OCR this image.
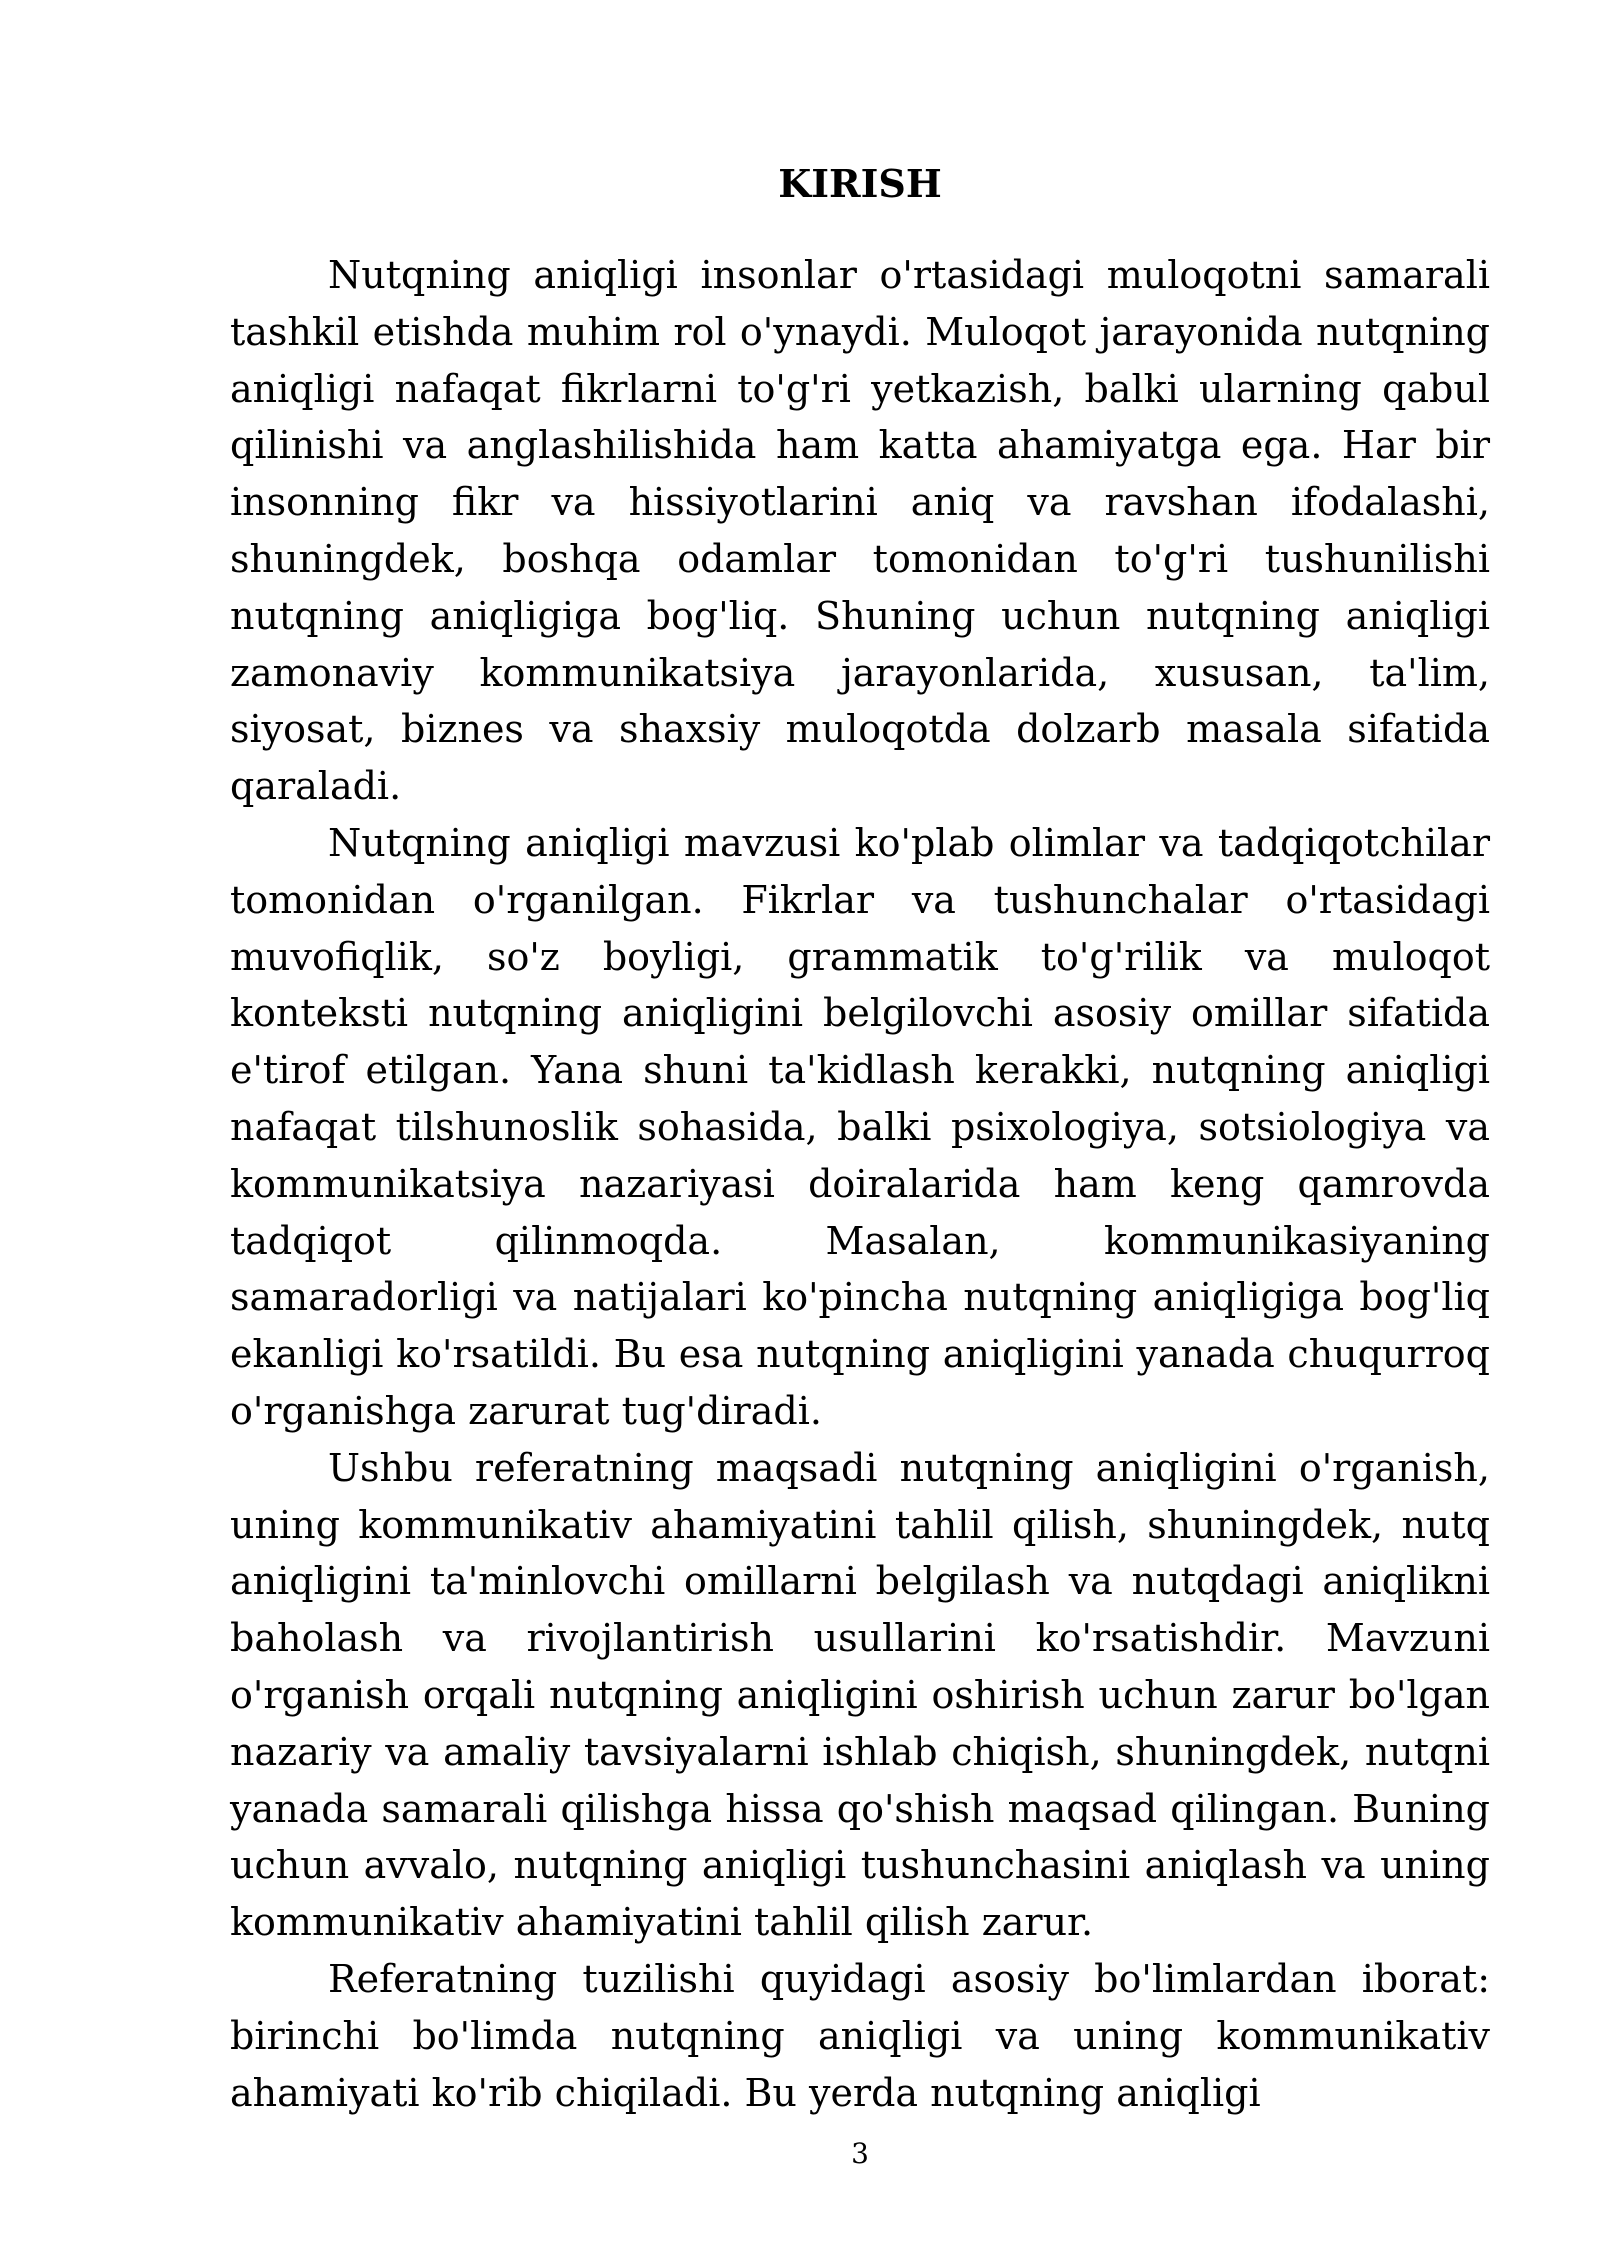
KIRISH

Nutqning aniqligi insonlar o'rtasidagi muloqotni samarali tashkil etishda muhim rol o'ynaydi. Muloqot jarayonida nutqning aniqligi nafaqat fikrlarni to'g'ri yetkazish, balki ularning qabul qilinishi va anglashilishida ham katta ahamiyatga ega. Har bir insonning fikr va hissiyotlarini aniq va ravshan ifodalashi, shuningdek, boshqa odamlar tomonidan to'g'ri tushunilishi nutqning aniqligiga bog'liq. Shuning uchun nutqning aniqligi zamonaviy kommunikatsiya jarayonlarida, xususan, ta'lim, siyosat, biznes va shaxsiy muloqotda dolzarb masala sifatida qaraladi.

Nutqning aniqligi mavzusi ko'plab olimlar va tadqiqotchilar tomonidan o'rganilgan. Fikrlar va tushunchalar o'rtasidagi muvofiqlik, so'z boyligi, grammatik to'g'rilik va muloqot konteksti nutqning aniqligini belgilovchi asosiy omillar sifatida e'tirof etilgan. Yana shuni ta'kidlash kerakki, nutqning aniqligi nafaqat tilshunoslik sohasida, balki psixologiya, sotsiologiya va kommunikatsiya nazariyasi doiralarida ham keng qamrovda tadqiqot qilinmoqda. Masalan, kommunikasiyaning samaradorligi va natijalari ko'pincha nutqning aniqligiga bog'liq ekanligi ko'rsatildi. Bu esa nutqning aniqligini yanada chuqurroq o'rganishga zarurat tug'diradi.

Ushbu referatning maqsadi nutqning aniqligini o'rganish, uning kommunikativ ahamiyatini tahlil qilish, shuningdek, nutq aniqligini ta'minlovchi omillarni belgilash va nutqdagi aniqlikni baholash va rivojlantirish usullarini ko'rsatishdir. Mavzuni o'rganish orqali nutqning aniqligini oshirish uchun zarur bo'lgan nazariy va amaliy tavsiyalarni ishlab chiqish, shuningdek, nutqni yanada samarali qilishga hissa qo'shish maqsad qilingan. Buning uchun avvalo, nutqning aniqligi tushunchasini aniqlash va uning kommunikativ ahamiyatini tahlil qilish zarur.

Referatning tuzilishi quyidagi asosiy bo'limlardan iborat: birinchi bo'limda nutqning aniqligi va uning kommunikativ ahamiyati ko'rib chiqiladi. Bu yerda nutqning aniqligi

3
